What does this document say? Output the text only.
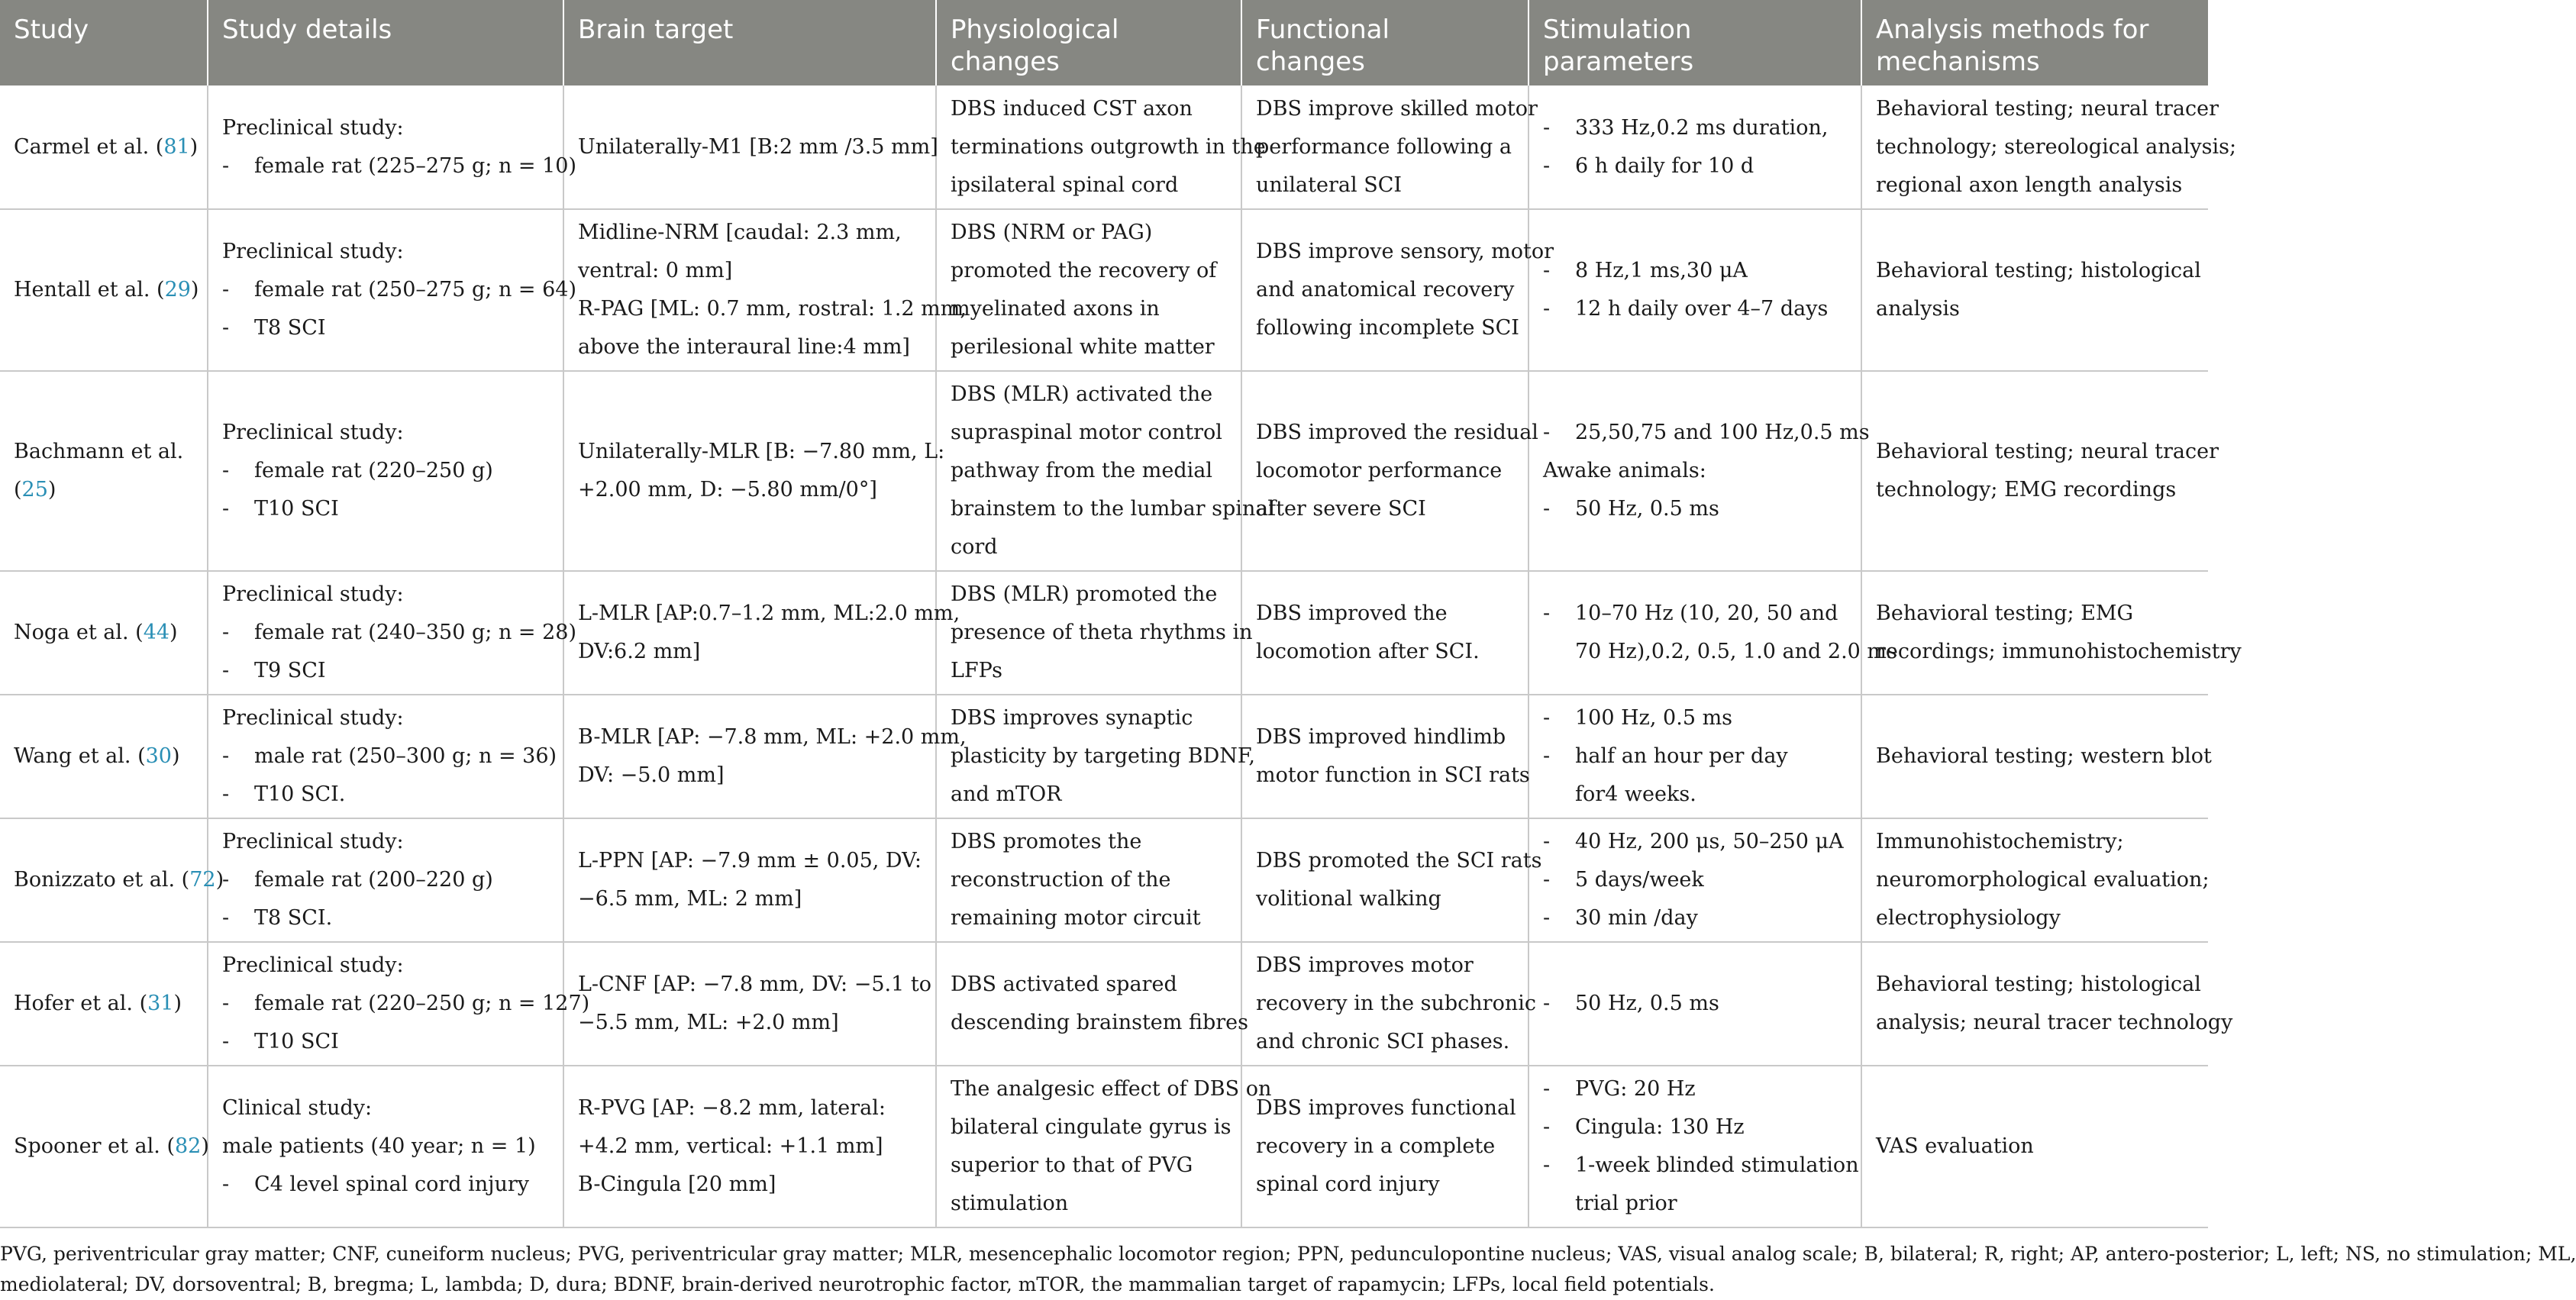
Study	Study details	Brain target	Physiological
changes	Functional
changes	Stimulation
parameters	Analysis methods for
mechanisms

Carmel et al. (81)	Preclinical study:
- female rat (225–275 g; n = 10)	Unilaterally-M1 [B:2 mm /3.5 mm]	DBS induced CST axon
terminations outgrowth in the
ipsilateral spinal cord	DBS improve skilled motor
performance following a
unilateral SCI	- 333 Hz,0.2 ms duration,
- 6 h daily for 10 d	Behavioral testing; neural tracer
technology; stereological analysis;
regional axon length analysis

Hentall et al. (29)	Preclinical study:
- female rat (250–275 g; n = 64)
- T8 SCI	Midline-NRM [caudal: 2.3 mm,
ventral: 0 mm]
R-PAG [ML: 0.7 mm, rostral: 1.2 mm,
above the interaural line:4 mm]	DBS (NRM or PAG)
promoted the recovery of
myelinated axons in
perilesional white matter	DBS improve sensory, motor
and anatomical recovery
following incomplete SCI	- 8 Hz,1 ms,30 μA
- 12 h daily over 4–7 days	Behavioral testing; histological
analysis

Bachmann et al.
(25)	Preclinical study:
- female rat (220–250 g)
- T10 SCI	Unilaterally-MLR [B: −7.80 mm, L:
+2.00 mm, D: −5.80 mm/0°]	DBS (MLR) activated the
supraspinal motor control
pathway from the medial
brainstem to the lumbar spinal
cord	DBS improved the residual
locomotor performance
after severe SCI	- 25,50,75 and 100 Hz,0.5 ms
Awake animals:
- 50 Hz, 0.5 ms	Behavioral testing; neural tracer
technology; EMG recordings

Noga et al. (44)	Preclinical study:
- female rat (240–350 g; n = 28)
- T9 SCI	L-MLR [AP:0.7–1.2 mm, ML:2.0 mm,
DV:6.2 mm]	DBS (MLR) promoted the
presence of theta rhythms in
LFPs	DBS improved the
locomotion after SCI.	- 10–70 Hz (10, 20, 50 and
70 Hz),0.2, 0.5, 1.0 and 2.0 ms	Behavioral testing; EMG
recordings; immunohistochemistry

Wang et al. (30)	Preclinical study:
- male rat (250–300 g; n = 36)
- T10 SCI.	B-MLR [AP: −7.8 mm, ML: +2.0 mm,
DV: −5.0 mm]	DBS improves synaptic
plasticity by targeting BDNF,
and mTOR	DBS improved hindlimb
motor function in SCI rats	- 100 Hz, 0.5 ms
- half an hour per day
for4 weeks.	Behavioral testing; western blot

Bonizzato et al. (72)	Preclinical study:
- female rat (200–220 g)
- T8 SCI.	L-PPN [AP: −7.9 mm ± 0.05, DV:
−6.5 mm, ML: 2 mm]	DBS promotes the
reconstruction of the
remaining motor circuit	DBS promoted the SCI rats
volitional walking	- 40 Hz, 200 μs, 50–250 μA
- 5 days/week
- 30 min /day	Immunohistochemistry;
neuromorphological evaluation;
electrophysiology

Hofer et al. (31)	Preclinical study:
- female rat (220–250 g; n = 127)
- T10 SCI	L-CNF [AP: −7.8 mm, DV: −5.1 to
−5.5 mm, ML: +2.0 mm]	DBS activated spared
descending brainstem fibres	DBS improves motor
recovery in the subchronic
and chronic SCI phases.	- 50 Hz, 0.5 ms	Behavioral testing; histological
analysis; neural tracer technology

Spooner et al. (82)	Clinical study:
male patients (40 year; n = 1)
- C4 level spinal cord injury	R-PVG [AP: −8.2 mm, lateral:
+4.2 mm, vertical: +1.1 mm]
B-Cingula [20 mm]	The analgesic effect of DBS on
bilateral cingulate gyrus is
superior to that of PVG
stimulation	DBS improves functional
recovery in a complete
spinal cord injury	- PVG: 20 Hz
- Cingula: 130 Hz
- 1-week blinded stimulation
trial prior	VAS evaluation
PVG, periventricular gray matter; CNF, cuneiform nucleus; PVG, periventricular gray matter; MLR, mesencephalic locomotor region; PPN, pedunculopontine nucleus; VAS, visual analog scale; B, bilateral; R, right; AP, antero-posterior; L, left; NS, no stimulation; ML,
mediolateral; DV, dorsoventral; B, bregma; L, lambda; D, dura; BDNF, brain-derived neurotrophic factor, mTOR, the mammalian target of rapamycin; LFPs, local field potentials.
